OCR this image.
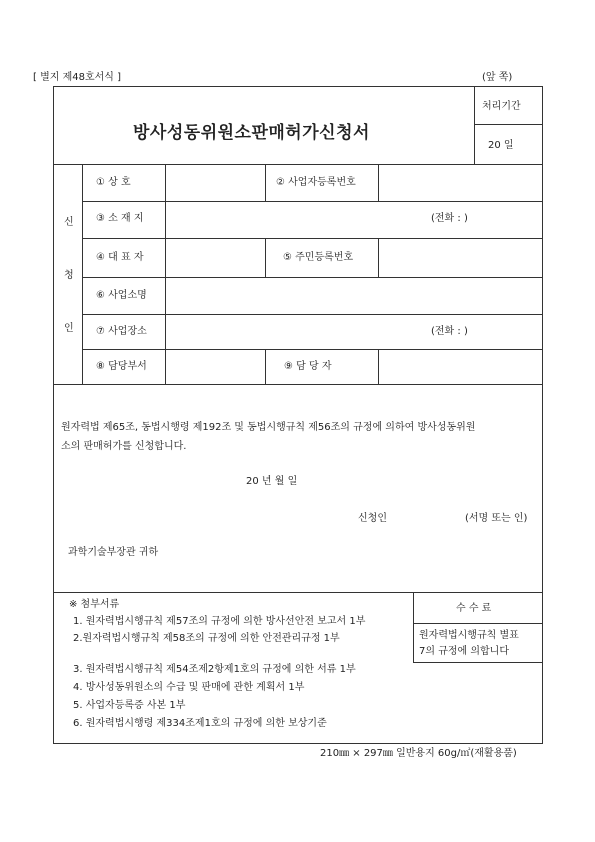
[ 별지 제48호서식 ]	(앞 쪽)
방사성동위원소판매허가신청서
처리기간
20 일
신
청
인
① 상 호	② 사업자등록번호
③ 소 재 지	(전화 : )
④ 대 표 자	⑤ 주민등록번호
⑥ 사업소명
⑦ 사업장소	(전화 : )
⑧ 담당부서	⑨ 담 당 자
원자력법 제65조, 동법시행령 제192조 및 동법시행규칙 제56조의 규정에 의하여 방사성동위원
소의 판매허가를 신청합니다.
20 년 월 일
신청인	(서명 또는 인)
과학기술부장관 귀하
수 수 료
원자력법시행규칙 별표
7의 규정에 의합니다
※ 첨부서류
1. 원자력법시행규칙 제57조의 규정에 의한 방사선안전 보고서 1부
2.원자력법시행규칙 제58조의 규정에 의한 안전관리규정 1부
3. 원자력법시행규칙 제54조제2항제1호의 규정에 의한 서류 1부
4. 방사성동위원소의 수급 및 판매에 관한 계획서 1부
5. 사업자등록증 사본 1부
6. 원자력법시행령 제334조제1호의 규정에 의한 보상기준
210㎜ × 297㎜ 일반용지 60g/㎡(재활용품)
